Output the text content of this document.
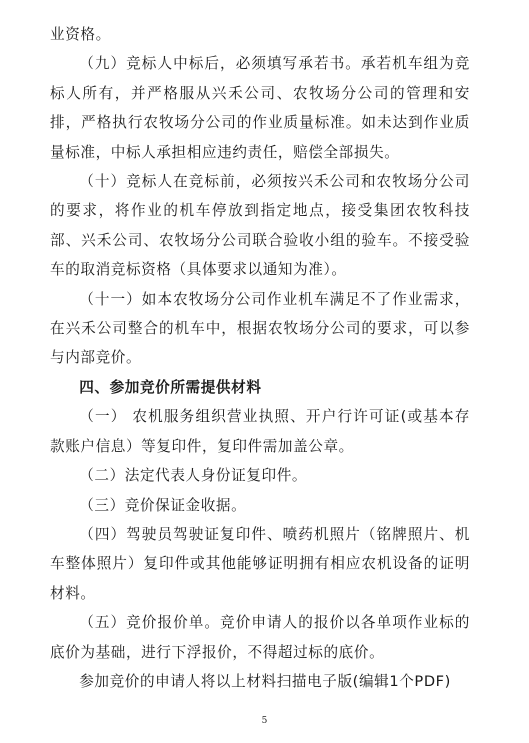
业资格。

（九）竞标人中标后，必须填写承若书。承若机车组为竞标人所有，并严格服从兴禾公司、农牧场分公司的管理和安排，严格执行农牧场分公司的作业质量标准。如未达到作业质量标准，中标人承担相应违约责任，赔偿全部损失。

（十）竞标人在竞标前，必须按兴禾公司和农牧场分公司的要求，将作业的机车停放到指定地点，接受集团农牧科技部、兴禾公司、农牧场分公司联合验收小组的验车。不接受验车的取消竞标资格（具体要求以通知为准）。

（十一）如本农牧场分公司作业机车满足不了作业需求，在兴禾公司整合的机车中，根据农牧场分公司的要求，可以参与内部竞价。

四、参加竞价所需提供材料

（一） 农机服务组织营业执照、开户行许可证(或基本存款账户信息）等复印件，复印件需加盖公章。

（二）法定代表人身份证复印件。

（三）竞价保证金收据。

（四）驾驶员驾驶证复印件、喷药机照片（铭牌照片、机车整体照片）复印件或其他能够证明拥有相应农机设备的证明材料。

（五）竞价报价单。竞价申请人的报价以各单项作业标的底价为基础，进行下浮报价，不得超过标的底价。

参加竞价的申请人将以上材料扫描电子版(编辑1个PDF)

5
